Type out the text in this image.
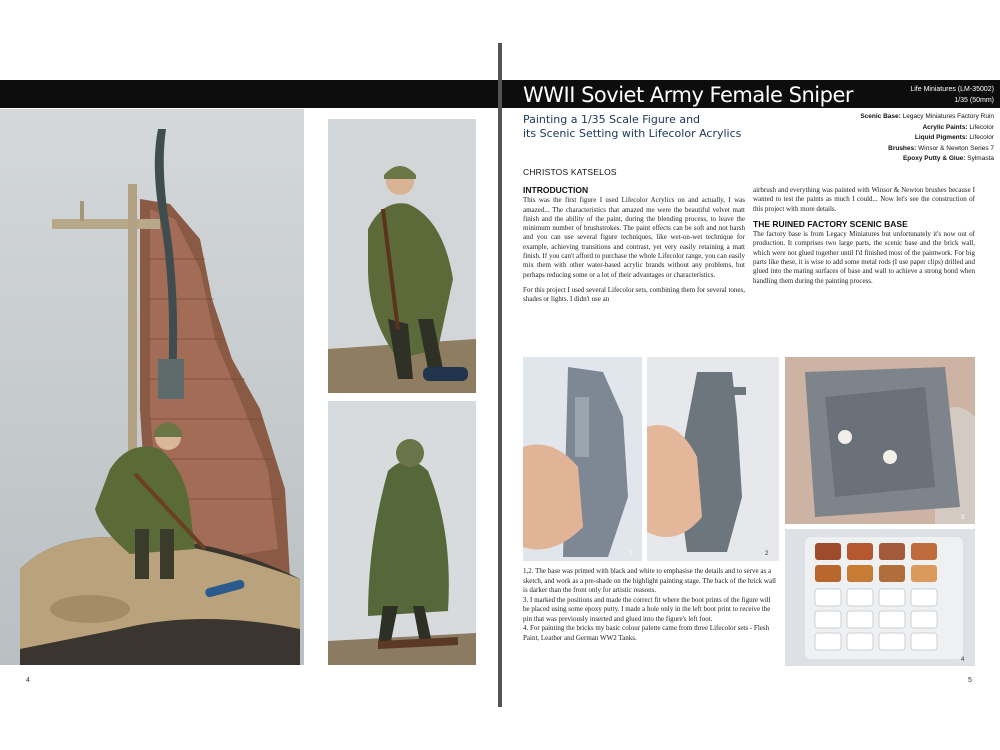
4
WWII Soviet Army Female Sniper	Life Miniatures (LM-35002)
1/35 (50mm)
Painting a 1/35 Scale Figure and
its Scenic Setting with Lifecolor Acrylics
Scenic Base: Legacy Miniatures Factory Ruin
Acrylic Paints: Lifecolor
Liquid Pigments: Lifecolor
Brushes: Winsor & Newton Series 7
Epoxy Putty & Glue: Sylmasta
CHRISTOS KATSELOS
INTRODUCTION

This was the first figure I used Lifecolor Acrylics on and actually, I was amazed... The characteristics that amazed me were the beautiful velvet matt finish and the ability of the paint, during the blending process, to leave the minimum number of brushstrokes. The paint effects can be soft and not harsh and you can use several figure techniques, like wet-on-wet technique for example, achieving transitions and contrast, yet very easily retaining a matt finish. If you can't afford to purchase the whole Lifecolor range, you can easily mix them with other water-based acrylic brands without any problems, but perhaps reducing some or a lot of their advantages or characteristics.

For this project I used several Lifecolor sets, combining them for several tones, shades or lights. I didn't use an

airbrush and everything was painted with Winsor & Newton brushes because I wanted to test the paints as much I could... Now let's see the construction of this project with more details.

THE RUINED FACTORY SCENIC BASE

The factory base is from Legacy Miniatures but unfortunately it's now out of production. It comprises two large parts, the scenic base and the brick wall, which were not glued together until I'd finished most of the paintwork. For big parts like these, it is wise to add some metal rods (I use paper clips) drilled and glued into the mating surfaces of base and wall to achieve a strong bond when handling them during the painting process.

1	2
3
4

1,2. The base was primed with black and white to emphasise the details and to serve as a sketch, and work as a pre-shade on the highlight painting stage. The back of the brick wall is darker than the front only for artistic reasons.

3. I marked the positions and made the correct fit where the boot prints of the figure will be placed using some epoxy putty. I made a hole only in the left boot print to receive the pin that was previously inserted and glued into the figure's left foot.

4. For painting the bricks my basic colour palette came from three Lifecolor sets - Flesh Paint, Leather and German WW2 Tanks.

5
